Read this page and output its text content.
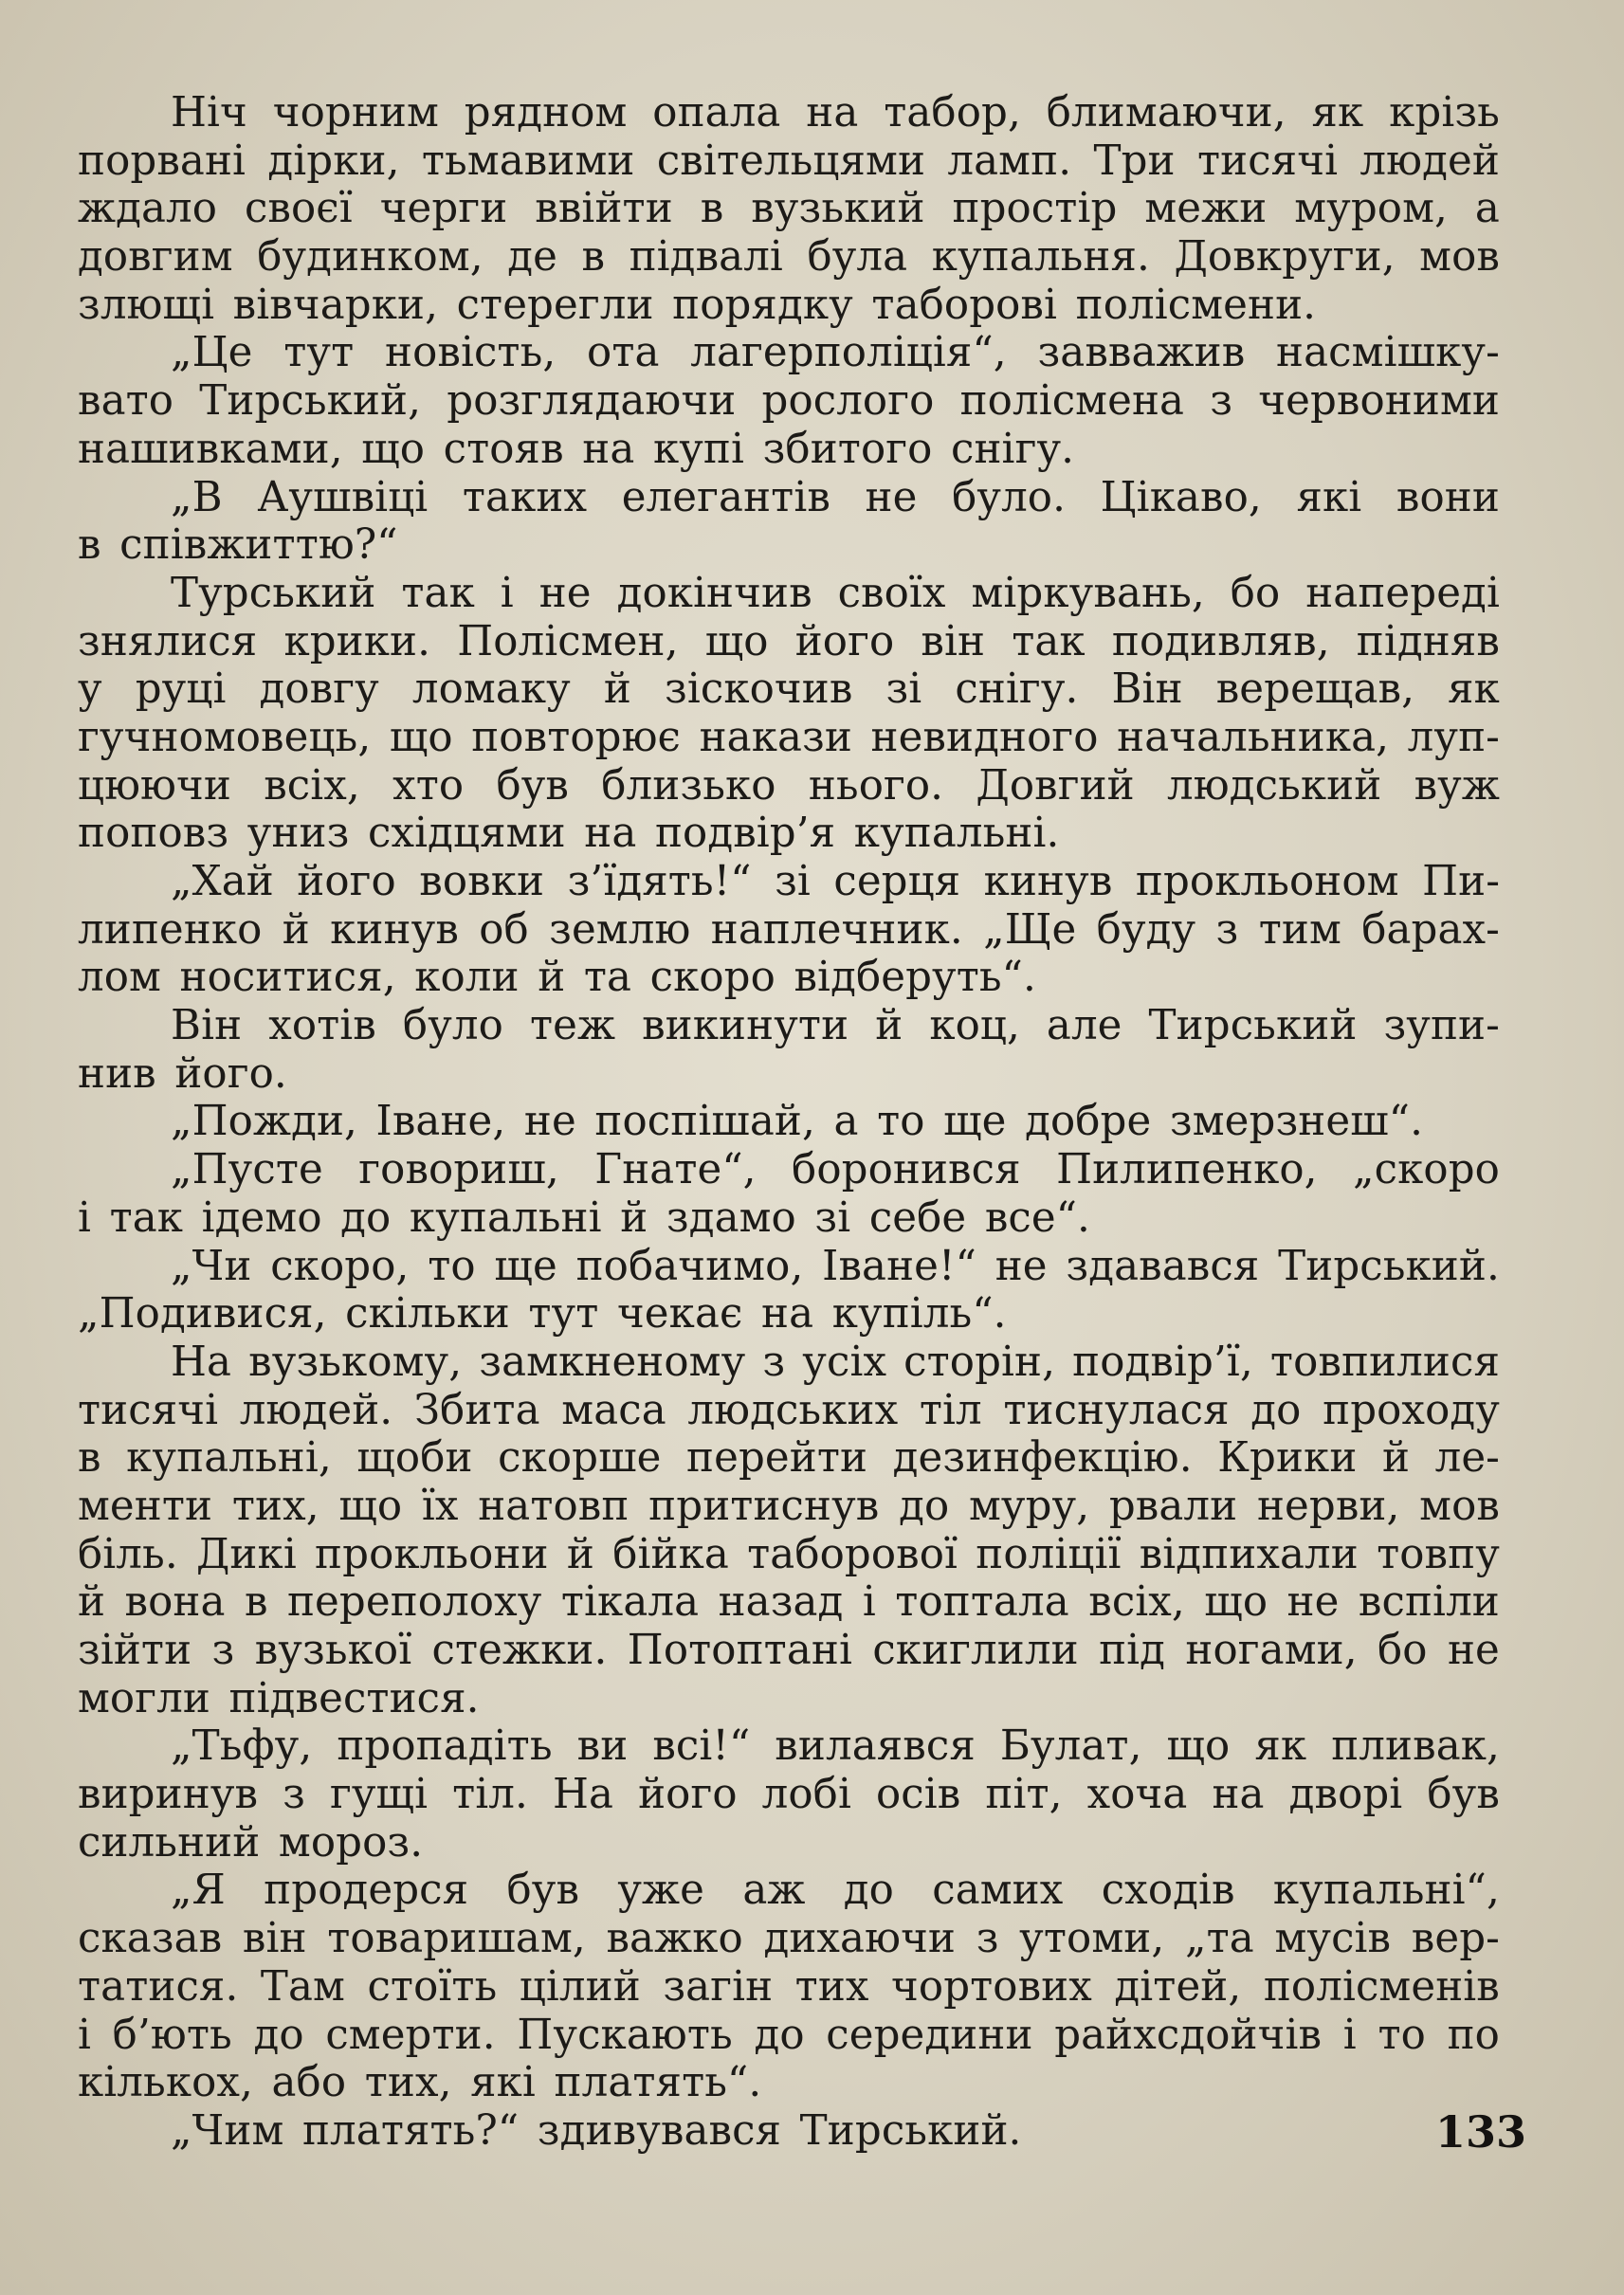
Ніч чорним рядном опала на табор, блимаючи, як крізь
порвані дірки, тьмавими світельцями ламп. Три тисячі людей
ждало своєї черги ввійти в вузький простір межи муром, а
довгим будинком, де в підвалі була купальня. Довкруги, мов
злющі вівчарки, стерегли порядку таборові полісмени.
„Це тут новість, ота лагерполіція“, завважив насмішку-
вато Тирський, розглядаючи рослого полісмена з червоними
нашивками, що стояв на купі збитого снігу.
„В Аушвіці таких елегантів не було. Цікаво, які вони
в співжиттю?“
Турський так і не докінчив своїх міркувань, бо напереді
знялися крики. Полісмен, що його він так подивляв, підняв
у руці довгу ломаку й зіскочив зі снігу. Він верещав, як
гучномовець, що повторює накази невидного начальника, луп-
цюючи всіх, хто був близько нього. Довгий людський вуж
поповз униз східцями на подвір’я купальні.
„Хай його вовки з’їдять!“ зі серця кинув прокльоном Пи-
липенко й кинув об землю наплечник. „Ще буду з тим барах-
лом носитися, коли й та скоро відберуть“.
Він хотів було теж викинути й коц, але Тирський зупи-
нив його.
„Пожди, Іване, не поспішай, а то ще добре змерзнеш“.
„Пусте говориш, Гнате“, боронився Пилипенко, „скоро
і так ідемо до купальні й здамо зі себе все“.
„Чи скоро, то ще побачимо, Іване!“ не здавався Тирський.
„Подивися, скільки тут чекає на купіль“.
На вузькому, замкненому з усіх сторін, подвір’ї, товпилися
тисячі людей. Збита маса людських тіл тиснулася до проходу
в купальні, щоби скорше перейти дезинфекцію. Крики й ле-
менти тих, що їх натовп притиснув до муру, рвали нерви, мов
біль. Дикі прокльони й бійка таборової поліції відпихали товпу
й вона в переполоху тікала назад і топтала всіх, що не вспіли
зійти з вузької стежки. Потоптані скиглили під ногами, бо не
могли підвестися.
„Тьфу, пропадіть ви всі!“ вилаявся Булат, що як пливак,
виринув з гущі тіл. На його лобі осів піт, хоча на дворі був
сильний мороз.
„Я продерся був уже аж до самих сходів купальні“,
сказав він товаришам, важко дихаючи з утоми, „та мусів вер-
татися. Там стоїть цілий загін тих чортових дітей, полісменів
і б’ють до смерти. Пускають до середини райхсдойчів і то по
кількох, або тих, які платять“.
„Чим платять?“ здивувався Тирський.	133
